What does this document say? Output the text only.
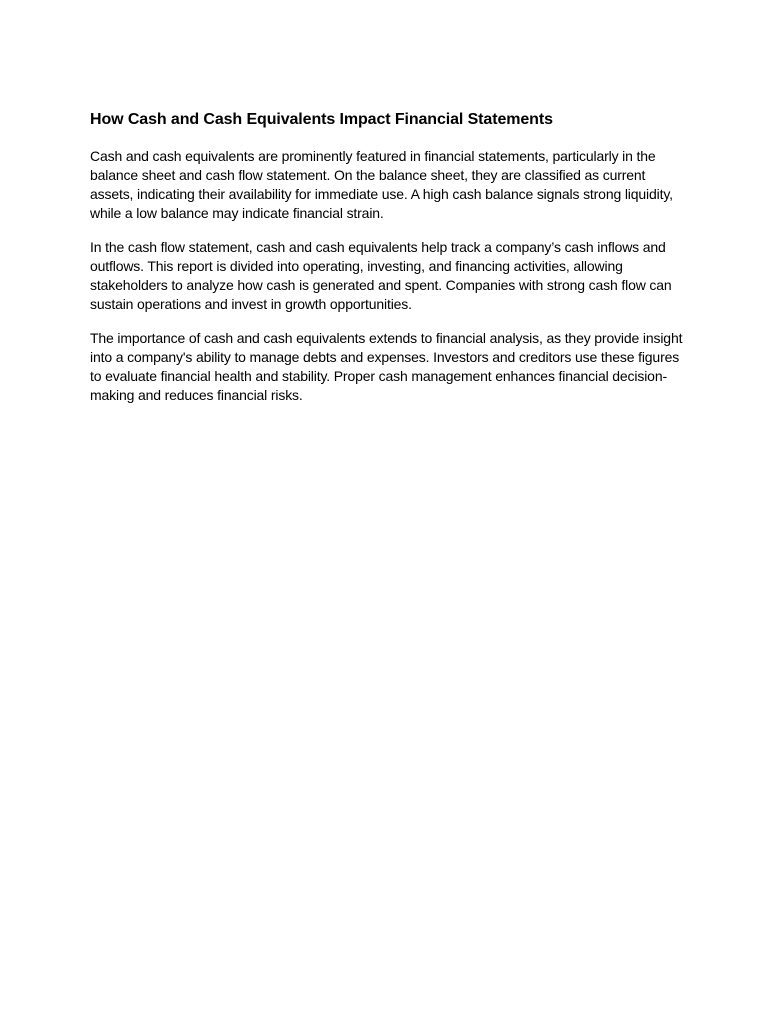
How Cash and Cash Equivalents Impact Financial Statements

Cash and cash equivalents are prominently featured in financial statements, particularly in the balance sheet and cash flow statement. On the balance sheet, they are classified as current assets, indicating their availability for immediate use. A high cash balance signals strong liquidity, while a low balance may indicate financial strain.

In the cash flow statement, cash and cash equivalents help track a company’s cash inflows and outflows. This report is divided into operating, investing, and financing activities, allowing stakeholders to analyze how cash is generated and spent. Companies with strong cash flow can sustain operations and invest in growth opportunities.

The importance of cash and cash equivalents extends to financial analysis, as they provide insight into a company's ability to manage debts and expenses. Investors and creditors use these figures to evaluate financial health and stability. Proper cash management enhances financial decision-making and reduces financial risks.
